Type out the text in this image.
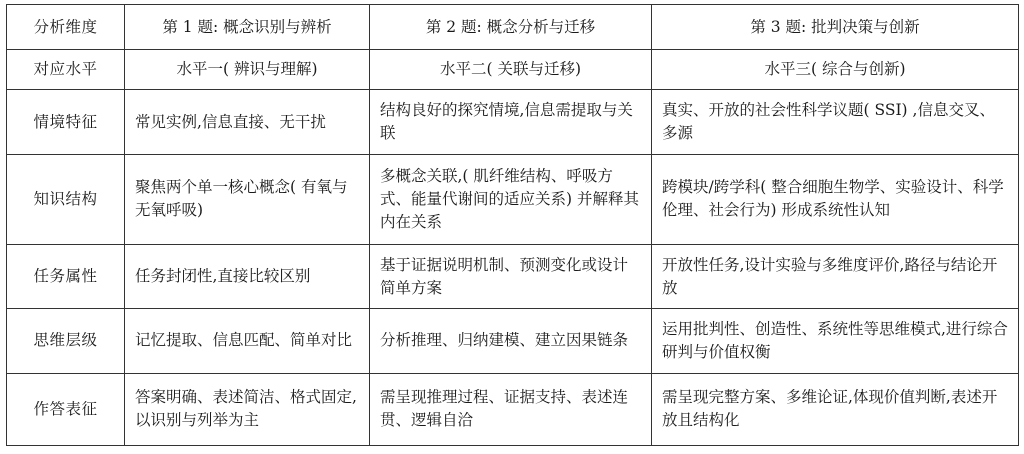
分析维度	第 1 题: 概念识别与辨析	第 2 题: 概念分析与迁移	第 3 题: 批判决策与创新
对应水平	水平一( 辨识与理解)	水平二( 关联与迁移)	水平三( 综合与创新)
情境特征	常见实例,信息直接、无干扰	结构良好的探究情境,信息需提取与关联	真实、开放的社会性科学议题( SSI) ,信息交叉、多源
知识结构	聚焦两个单一核心概念( 有氧与无氧呼吸)	多概念关联,( 肌纤维结构、呼吸方式、能量代谢间的适应关系) 并解释其内在关系	跨模块/跨学科( 整合细胞生物学、实验设计、科学伦理、社会行为) 形成系统性认知
任务属性	任务封闭性,直接比较区别	基于证据说明机制、预测变化或设计简单方案	开放性任务,设计实验与多维度评价,路径与结论开放
思维层级	记忆提取、信息匹配、简单对比	分析推理、归纳建模、建立因果链条	运用批判性、创造性、系统性等思维模式,进行综合研判与价值权衡
作答表征	答案明确、表述简洁、格式固定,以识别与列举为主	需呈现推理过程、证据支持、表述连贯、逻辑自洽	需呈现完整方案、多维论证,体现价值判断,表述开放且结构化
